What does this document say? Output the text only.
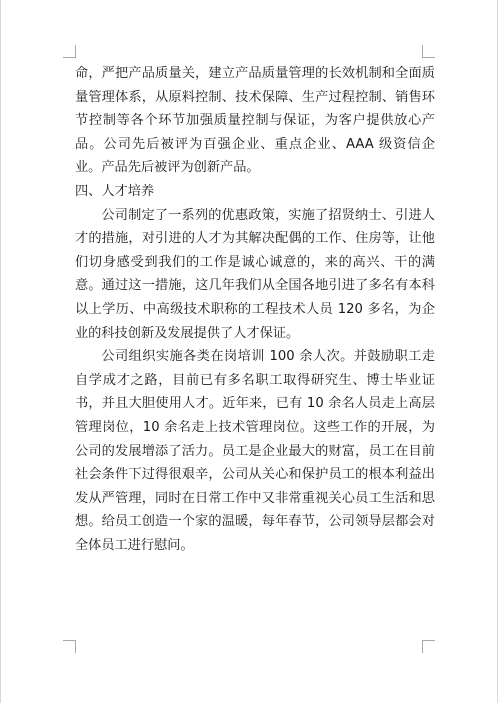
命，严把产品质量关，建立产品质量管理的长效机制和全面质量管理体系，从原料控制、技术保障、生产过程控制、销售环节控制等各个环节加强质量控制与保证，为客户提供放心产品。公司先后被评为百强企业、重点企业、AAA 级资信企业。产品先后被评为创新产品。

四、人才培养

公司制定了一系列的优惠政策，实施了招贤纳士、引进人才的措施，对引进的人才为其解决配偶的工作、住房等，让他们切身感受到我们的工作是诚心诚意的，来的高兴、干的满意。通过这一措施，这几年我们从全国各地引进了多名有本科以上学历、中高级技术职称的工程技术人员 120 多名，为企业的科技创新及发展提供了人才保证。

公司组织实施各类在岗培训 100 余人次。并鼓励职工走自学成才之路，目前已有多名职工取得研究生、博士毕业证书，并且大胆使用人才。近年来，已有 10 余名人员走上高层管理岗位，10 余名走上技术管理岗位。这些工作的开展，为公司的发展增添了活力。员工是企业最大的财富，员工在目前社会条件下过得很艰辛，公司从关心和保护员工的根本利益出发从严管理，同时在日常工作中又非常重视关心员工生活和思想。给员工创造一个家的温暖，每年春节，公司领导层都会对全体员工进行慰问。
